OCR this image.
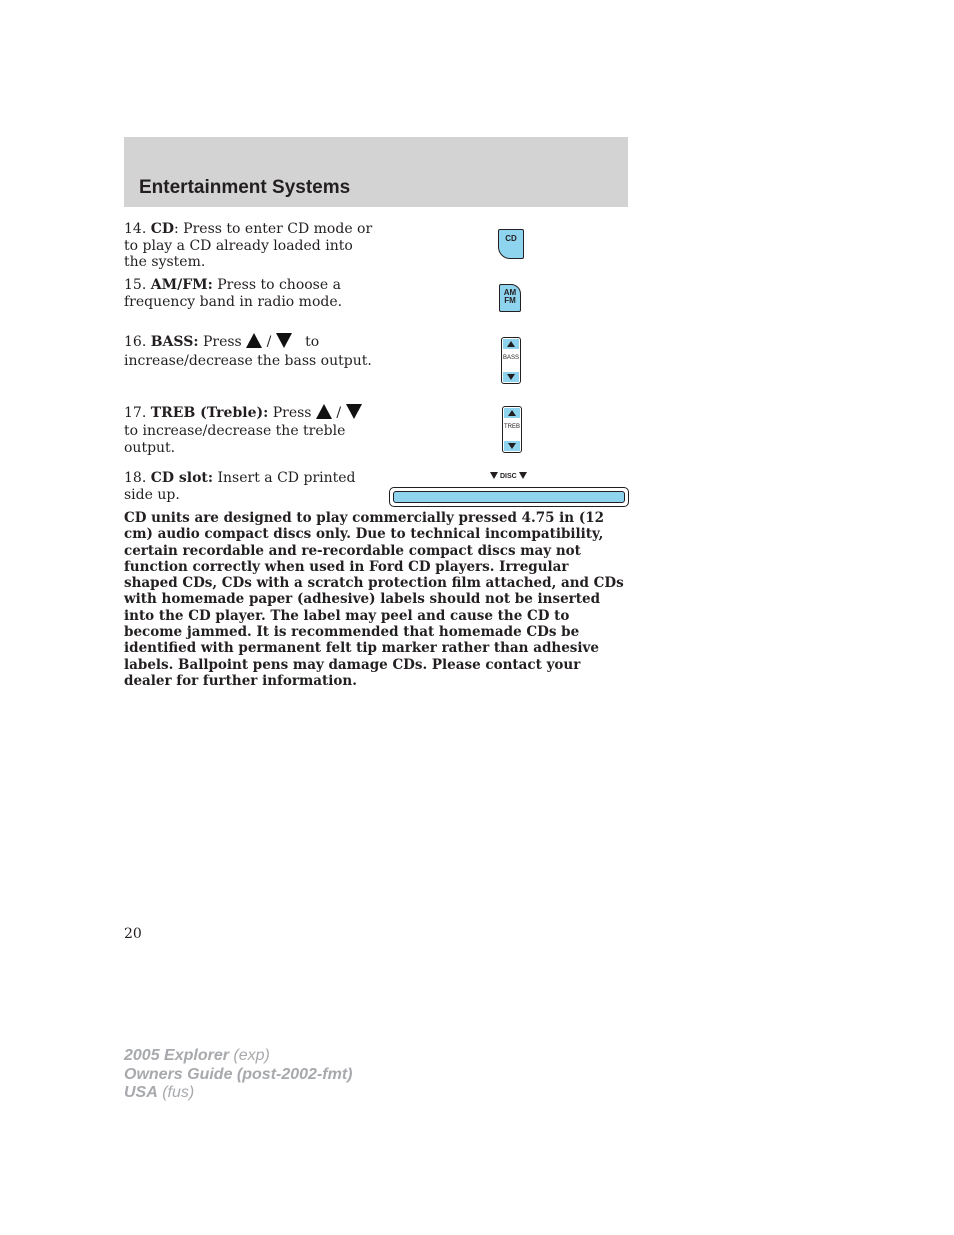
Entertainment Systems
14. CD: Press to enter CD mode or to play a CD already loaded into the system.
15. AM/FM: Press to choose a frequency band in radio mode.
16. BASS: Press / to
increase/decrease the bass output.
17. TREB (Treble): Press /
to increase/decrease the treble output.
18. CD slot: Insert a CD printed side up.
CD
AM
FM
BASS
TREB
DISC
CD units are designed to play commercially pressed 4.75 in (12 cm) audio compact discs only. Due to technical incompatibility, certain recordable and re-recordable compact discs may not function correctly when used in Ford CD players. Irregular shaped CDs, CDs with a scratch protection film attached, and CDs with homemade paper (adhesive) labels should not be inserted into the CD player. The label may peel and cause the CD to become jammed. It is recommended that homemade CDs be identified with permanent felt tip marker rather than adhesive labels. Ballpoint pens may damage CDs. Please contact your dealer for further information.
20
2005 Explorer (exp)
Owners Guide (post-2002-fmt)
USA (fus)
